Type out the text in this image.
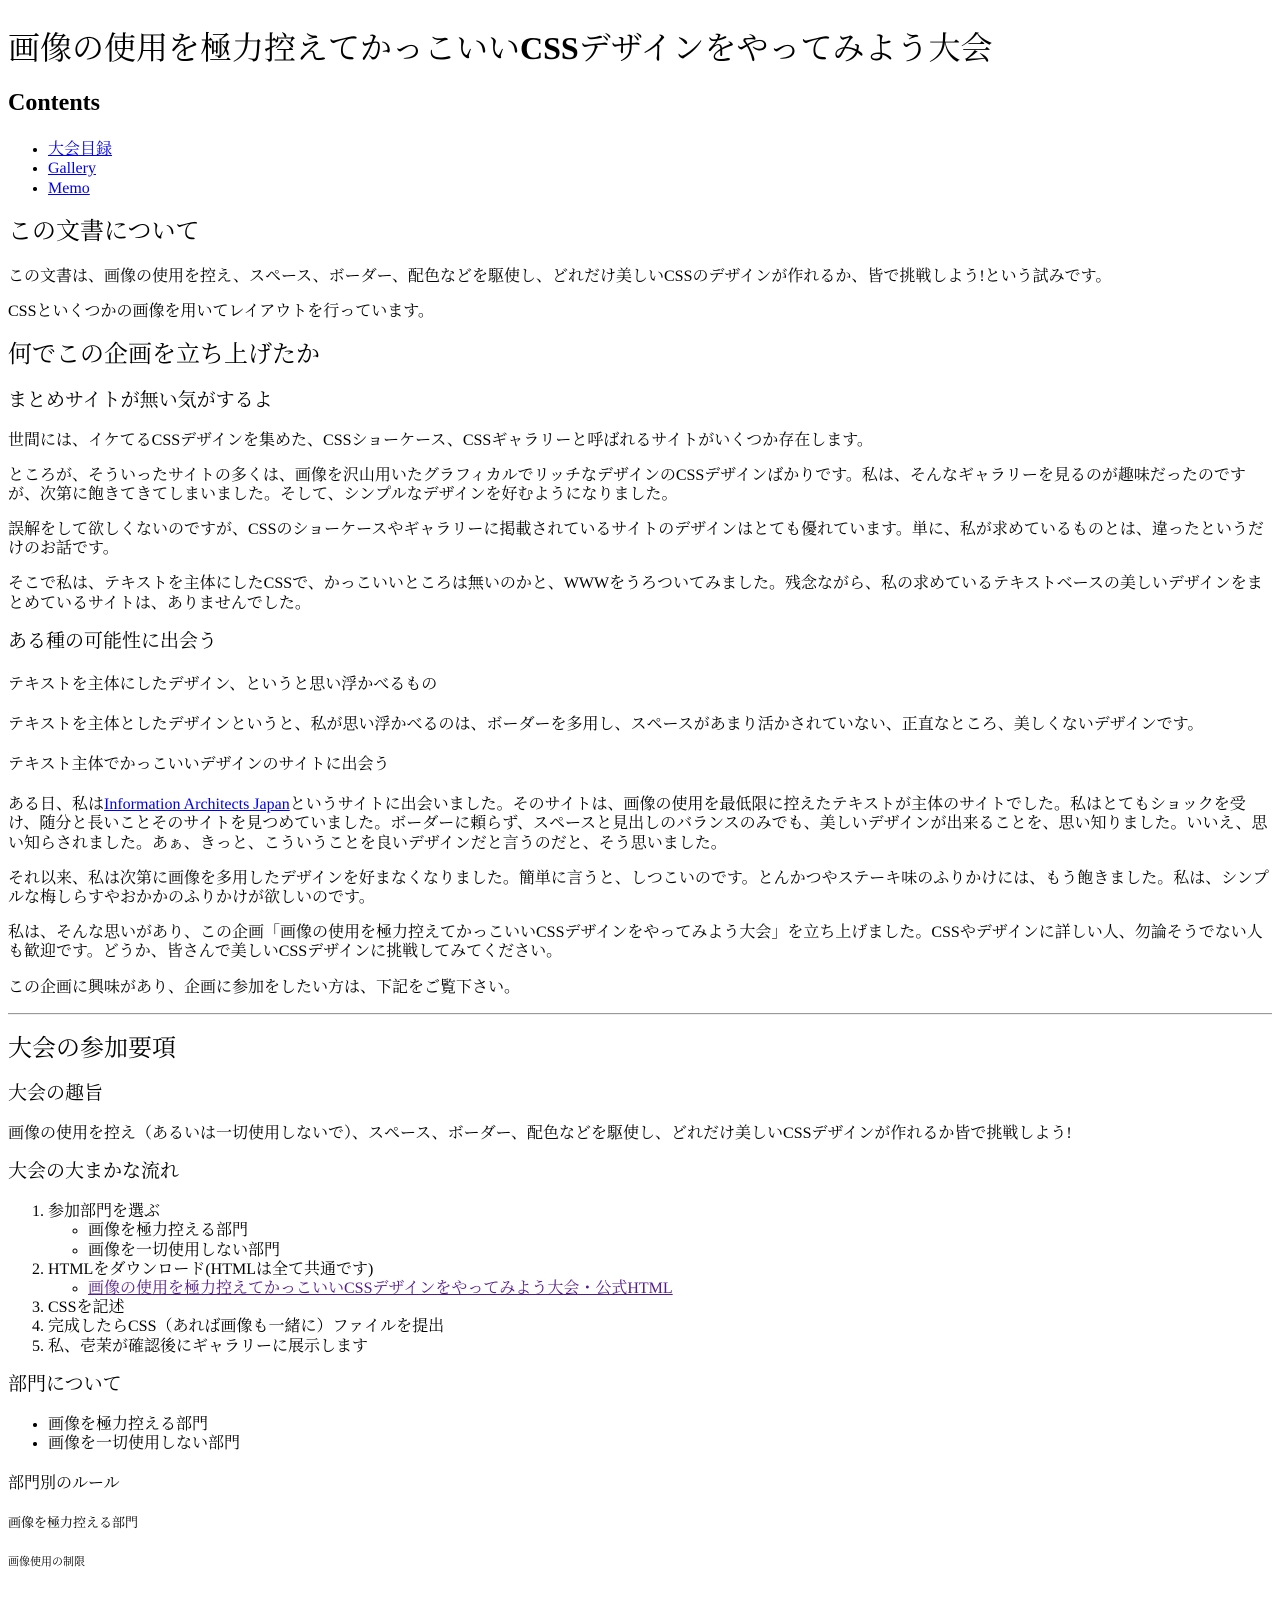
画像の使用を極力控えてかっこいいCSSデザインをやってみよう大会
Contents
• 大会目録
• Gallery
• Memo
この文書について

この文書は、画像の使用を控え、スペース、ボーダー、配色などを駆使し、どれだけ美しいCSSのデザインが作れるか、皆で挑戦しよう!という試みです。

CSSといくつかの画像を用いてレイアウトを行っています。

何でこの企画を立ち上げたか
まとめサイトが無い気がするよ

世間には、イケてるCSSデザインを集めた、CSSショーケース、CSSギャラリーと呼ばれるサイトがいくつか存在します。

ところが、そういったサイトの多くは、画像を沢山用いたグラフィカルでリッチなデザインのCSSデザインばかりです。私は、そんなギャラリーを見るのが趣味だったのですが、次第に飽きてきてしまいました。そして、シンプルなデザインを好むようになりました。

誤解をして欲しくないのですが、CSSのショーケースやギャラリーに掲載されているサイトのデザインはとても優れています。単に、私が求めているものとは、違ったというだけのお話です。

そこで私は、テキストを主体にしたCSSで、かっこいいところは無いのかと、WWWをうろついてみました。残念ながら、私の求めているテキストベースの美しいデザインをまとめているサイトは、ありませんでした。

ある種の可能性に出会う
テキストを主体にしたデザイン、というと思い浮かべるもの

テキストを主体としたデザインというと、私が思い浮かべるのは、ボーダーを多用し、スペースがあまり活かされていない、正直なところ、美しくないデザインです。

テキスト主体でかっこいいデザインのサイトに出会う

ある日、私はInformation Architects Japanというサイトに出会いました。そのサイトは、画像の使用を最低限に控えたテキストが主体のサイトでした。私はとてもショックを受け、随分と長いことそのサイトを見つめていました。ボーダーに頼らず、スペースと見出しのバランスのみでも、美しいデザインが出来ることを、思い知りました。いいえ、思い知らされました。あぁ、きっと、こういうことを良いデザインだと言うのだと、そう思いました。

それ以来、私は次第に画像を多用したデザインを好まなくなりました。簡単に言うと、しつこいのです。とんかつやステーキ味のふりかけには、もう飽きました。私は、シンプルな梅しらすやおかかのふりかけが欲しいのです。

私は、そんな思いがあり、この企画「画像の使用を極力控えてかっこいいCSSデザインをやってみよう大会」を立ち上げました。CSSやデザインに詳しい人、勿論そうでない人も歓迎です。どうか、皆さんで美しいCSSデザインに挑戦してみてください。

この企画に興味があり、企画に参加をしたい方は、下記をご覧下さい。

大会の参加要項
大会の趣旨

画像の使用を控え（あるいは一切使用しないで）、スペース、ボーダー、配色などを駆使し、どれだけ美しいCSSデザインが作れるか皆で挑戦しよう!

大会の大まかな流れ
1. 参加部門を選ぶ
◦ 画像を極力控える部門
◦ 画像を一切使用しない部門
2. HTMLをダウンロード(HTMLは全て共通です)
◦ 画像の使用を極力控えてかっこいいCSSデザインをやってみよう大会・公式HTML
3. CSSを記述
4. 完成したらCSS（あれば画像も一緒に）ファイルを提出
5. 私、壱茉が確認後にギャラリーに展示します
部門について
• 画像を極力控える部門
• 画像を一切使用しない部門
部門別のルール
画像を極力控える部門
画像使用の制限
